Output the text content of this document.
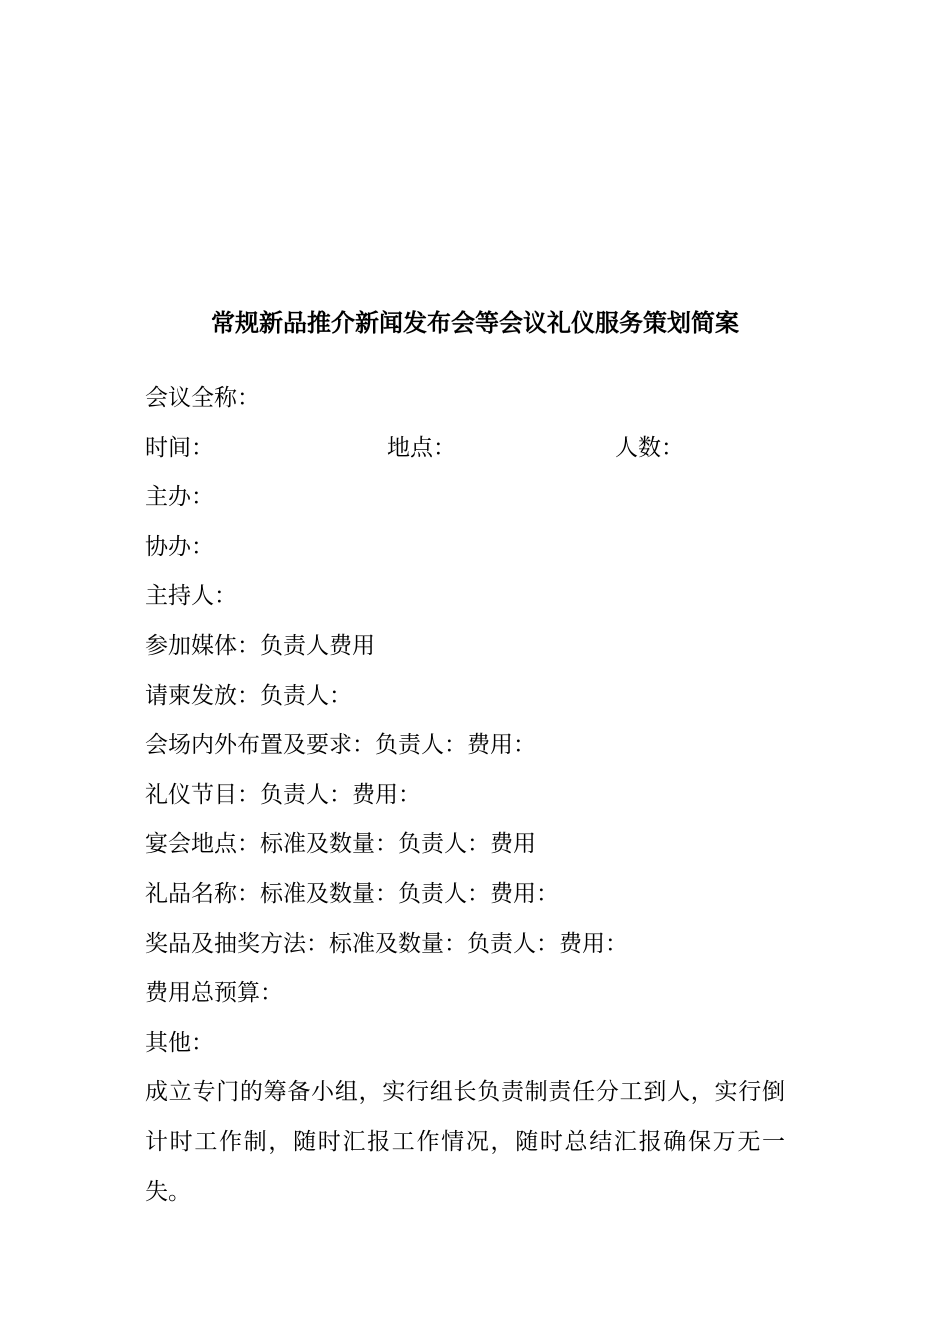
常规新品推介新闻发布会等会议礼仪服务策划简案
会议全称：
时间：	地点：	人数：
主办：
协办：
主持人：
参加媒体：负责人费用
请柬发放：负责人：
会场内外布置及要求：负责人：费用：
礼仪节目：负责人：费用：
宴会地点：标准及数量：负责人：费用
礼品名称：标准及数量：负责人：费用：
奖品及抽奖方法：标准及数量：负责人：费用：
费用总预算：
其他：
成立专门的筹备小组，实行组长负责制责任分工到人，实行倒计时工作制，随时汇报工作情况，随时总结汇报确保万无一失。
